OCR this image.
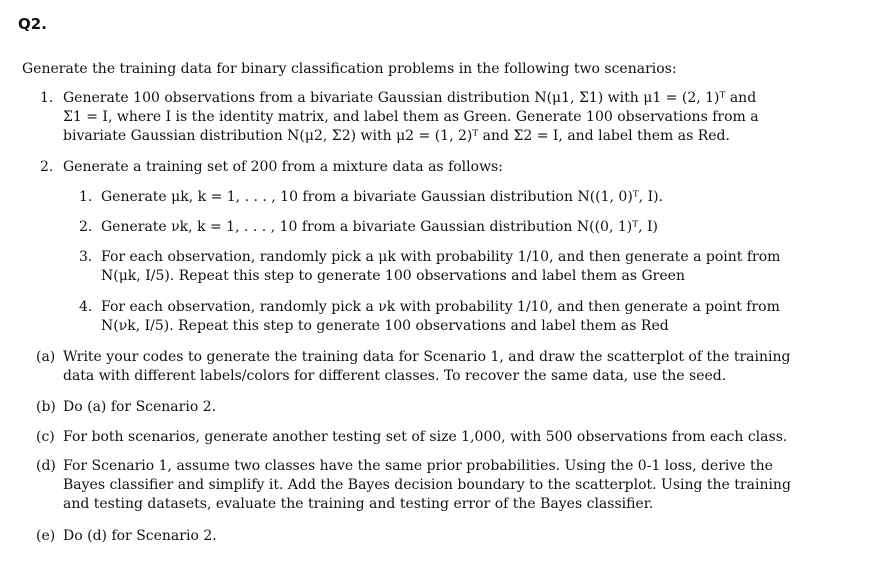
Q2.
Generate the training data for binary classification problems in the following two scenarios:
1. Generate 100 observations from a bivariate Gaussian distribution N(μ1, Σ1) with μ1 = (2, 1)ᵀ and
Σ1 = I, where I is the identity matrix, and label them as Green. Generate 100 observations from a
bivariate Gaussian distribution N(μ2, Σ2) with μ2 = (1, 2)ᵀ and Σ2 = I, and label them as Red.
2. Generate a training set of 200 from a mixture data as follows:
1. Generate μk, k = 1, . . . , 10 from a bivariate Gaussian distribution N((1, 0)ᵀ, I).
2. Generate νk, k = 1, . . . , 10 from a bivariate Gaussian distribution N((0, 1)ᵀ, I)
3. For each observation, randomly pick a μk with probability 1/10, and then generate a point from
N(μk, I/5). Repeat this step to generate 100 observations and label them as Green
4. For each observation, randomly pick a νk with probability 1/10, and then generate a point from
N(νk, I/5). Repeat this step to generate 100 observations and label them as Red
(a) Write your codes to generate the training data for Scenario 1, and draw the scatterplot of the training
data with different labels/colors for different classes. To recover the same data, use the seed.
(b) Do (a) for Scenario 2.
(c) For both scenarios, generate another testing set of size 1,000, with 500 observations from each class.
(d) For Scenario 1, assume two classes have the same prior probabilities. Using the 0-1 loss, derive the
Bayes classifier and simplify it. Add the Bayes decision boundary to the scatterplot. Using the training
and testing datasets, evaluate the training and testing error of the Bayes classifier.
(e) Do (d) for Scenario 2.
